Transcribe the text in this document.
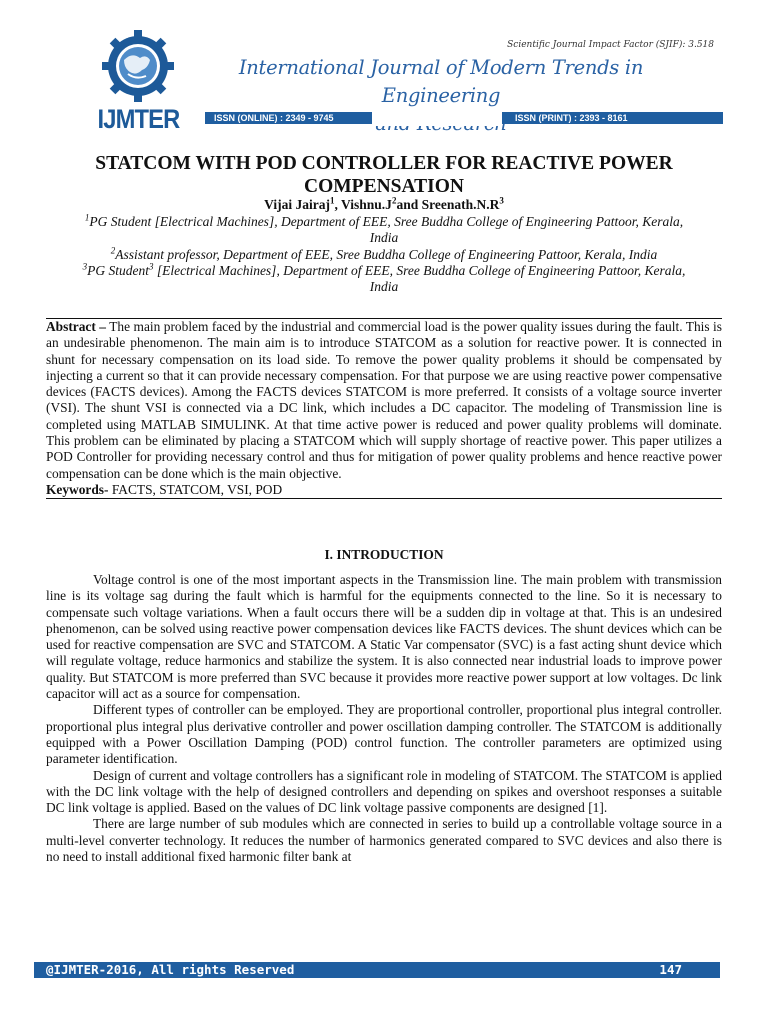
IJMTER
Scientific Journal Impact Factor (SJIF): 3.518
International Journal of Modern Trends in Engineering
ISSN (ONLINE) : 2349 - 9745	ISSN (PRINT) : 2393 - 8161
STATCOM WITH POD CONTROLLER FOR REACTIVE POWER COMPENSATION
Vijai Jairaj$^1$, $Vishnu.J^2and$ $Sreenath.N.R^3$

$^1$PG Student [Electrical Machines], Department of EEE, Sree Buddha College of Engineering Pattoor, Kerala, India

$^2$Assistant professor, Department of EEE, Sree Buddha College of Engineering Pattoor, Kerala, India

$^3$PG Student$^3$ [Electrical Machines], Department of EEE, Sree Buddha College of Engineering Pattoor, Kerala, India

Abstract – The main problem faced by the industrial and commercial load is the power quality issues during the fault. This is an undesirable phenomenon. The main aim is to introduce STATCOM as a solution for reactive power. It is connected in shunt for necessary compensation on its load side. To remove the power quality problems it should be compensated by injecting a current so that it can provide necessary compensation. For that purpose we are using reactive power compensative devices (FACTS devices). Among the FACTS devices STATCOM is more preferred. It consists of a voltage source inverter (VSI). The shunt VSI is connected via a DC link, which includes a DC capacitor. The modeling of Transmission line is completed using MATLAB SIMULINK. At that time active power is reduced and power quality problems will dominate. This problem can be eliminated by placing a STATCOM which will supply shortage of reactive power. This paper utilizes a POD Controller for providing necessary control and thus for mitigation of power quality problems and hence reactive power compensation can be done which is the main objective.

Keywords- FACTS, STATCOM, VSI, POD
I. INTRODUCTION

Voltage control is one of the most important aspects in the Transmission line. The main problem with transmission line is its voltage sag during the fault which is harmful for the equipments connected to the line. So it is necessary to compensate such voltage variations. When a fault occurs there will be a sudden dip in voltage at that. This is an undesired phenomenon, can be solved using reactive power compensation devices like FACTS devices. The shunt devices which can be used for reactive compensation are SVC and STATCOM. A Static Var compensator (SVC) is a fast acting shunt device which will regulate voltage, reduce harmonics and stabilize the system. It is also connected near industrial loads to improve power quality. But STATCOM is more preferred than SVC because it provides more reactive power support at low voltages. Dc link capacitor will act as a source for compensation.

Different types of controller can be employed. They are proportional controller, proportional plus integral controller. proportional plus integral plus derivative controller and power oscillation damping controller. The STATCOM is additionally equipped with a Power Oscillation Damping (POD) control function. The controller parameters are optimized using parameter identification.

Design of current and voltage controllers has a significant role in modeling of STATCOM. The STATCOM is applied with the DC link voltage with the help of designed controllers and depending on spikes and overshoot responses a suitable DC link voltage is applied. Based on the values of DC link voltage passive components are designed [1].

There are large number of sub modules which are connected in series to build up a controllable voltage source in a multi-level converter technology. It reduces the number of harmonics generated compared to SVC devices and also there is no need to install additional fixed harmonic filter bank at

@IJMTER-2016, All rights Reserved	147
